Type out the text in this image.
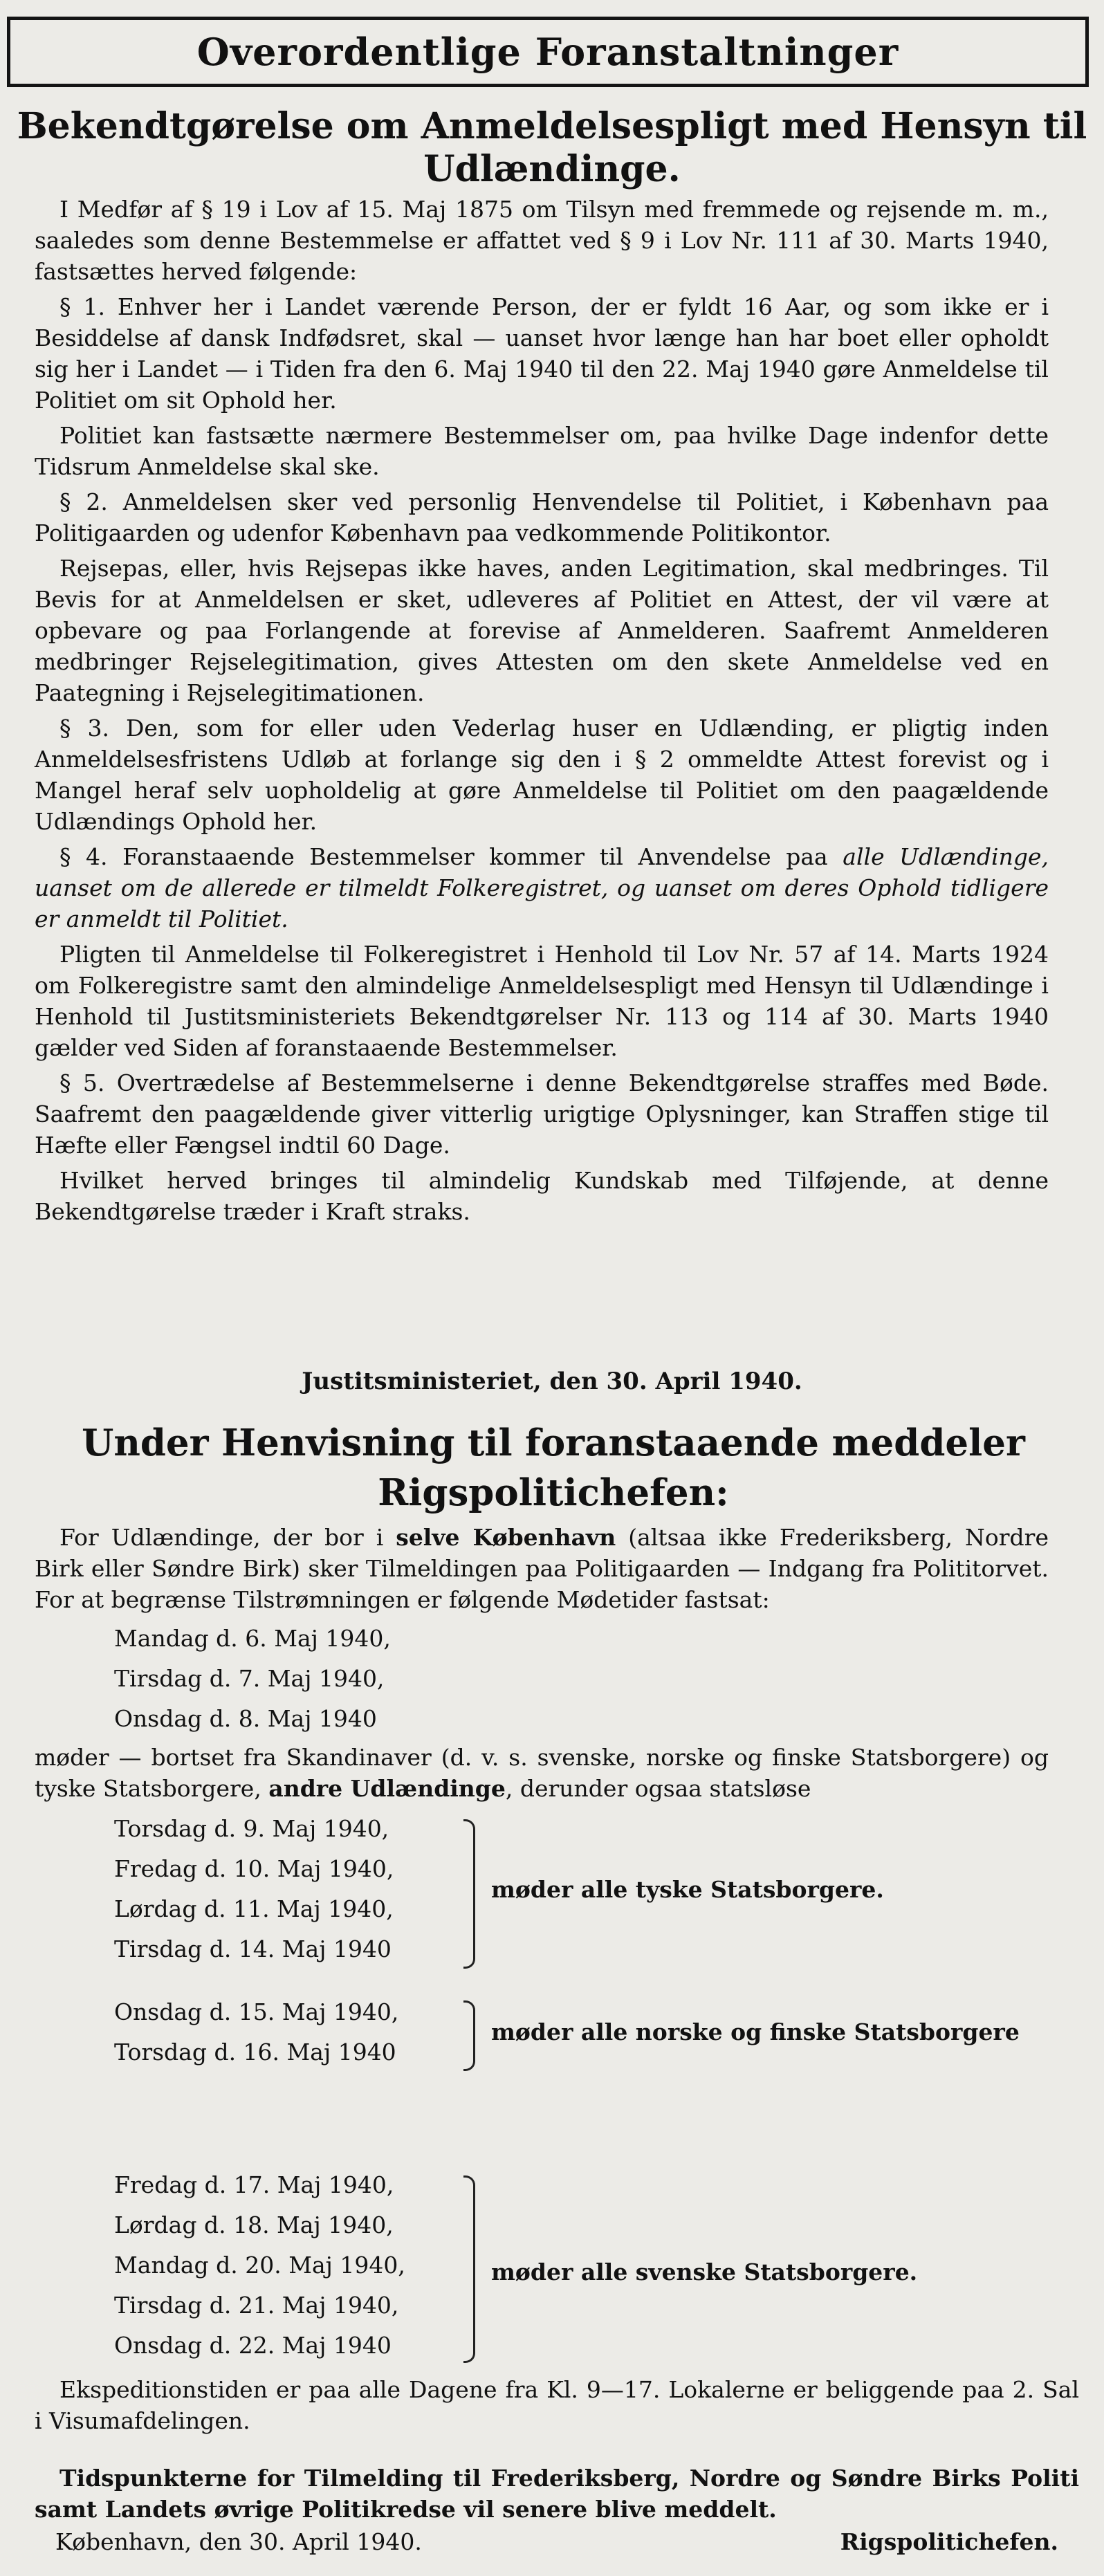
Overordentlige Foranstaltninger
Bekendtgørelse om Anmeldelsespligt med Hensyn til Udlændinge.

I Medfør af § 19 i Lov af 15. Maj 1875 om Tilsyn med fremmede og rejsende m. m., saaledes som denne Bestemmelse er affattet ved § 9 i Lov Nr. 111 af 30. Marts 1940, fastsættes herved følgende:

§ 1. Enhver her i Landet værende Person, der er fyldt 16 Aar, og som ikke er i Besiddelse af dansk Indfødsret, skal — uanset hvor længe han har boet eller opholdt sig her i Landet — i Tiden fra den 6. Maj 1940 til den 22. Maj 1940 gøre Anmeldelse til Politiet om sit Ophold her.

Politiet kan fastsætte nærmere Bestemmelser om, paa hvilke Dage indenfor dette Tidsrum Anmeldelse skal ske.

§ 2. Anmeldelsen sker ved personlig Henvendelse til Politiet, i København paa Politigaarden og udenfor København paa vedkommende Politikontor.

Rejsepas, eller, hvis Rejsepas ikke haves, anden Legitimation, skal medbringes. Til Bevis for at Anmeldelsen er sket, udleveres af Politiet en Attest, der vil være at opbevare og paa Forlangende at forevise af Anmelderen. Saafremt Anmelderen medbringer Rejselegitimation, gives Attesten om den skete Anmeldelse ved en Paategning i Rejselegitimationen.

§ 3. Den, som for eller uden Vederlag huser en Udlænding, er pligtig inden Anmeldelsesfristens Udløb at forlange sig den i § 2 ommeldte Attest forevist og i Mangel heraf selv uopholdelig at gøre Anmeldelse til Politiet om den paagældende Udlændings Ophold her.

§ 4. Foranstaaende Bestemmelser kommer til Anvendelse paa alle Udlændinge, uanset om de allerede er tilmeldt Folkeregistret, og uanset om deres Ophold tidligere er anmeldt til Politiet.

Pligten til Anmeldelse til Folkeregistret i Henhold til Lov Nr. 57 af 14. Marts 1924 om Folkeregistre samt den almindelige Anmeldelsespligt med Hensyn til Udlændinge i Henhold til Justitsministeriets Bekendtgørelser Nr. 113 og 114 af 30. Marts 1940 gælder ved Siden af foranstaaende Bestemmelser.

§ 5. Overtrædelse af Bestemmelserne i denne Bekendtgørelse straffes med Bøde. Saafremt den paagældende giver vitterlig urigtige Oplysninger, kan Straffen stige til Hæfte eller Fængsel indtil 60 Dage.

Hvilket herved bringes til almindelig Kundskab med Tilføjende, at denne Bekendtgørelse træder i Kraft straks.

Justitsministeriet, den 30. April 1940.
Under Henvisning til foranstaaende meddeler Rigspolitichefen:

For Udlændinge, der bor i selve København (altsaa ikke Frederiksberg, Nordre Birk eller Søndre Birk) sker Tilmeldingen paa Politigaarden — Indgang fra Polititorvet. For at begrænse Tilstrømningen er følgende Mødetider fastsat:

Mandag d. 6. Maj 1940,
Tirsdag d. 7. Maj 1940,
Onsdag d. 8. Maj 1940

møder — bortset fra Skandinaver (d. v. s. svenske, norske og finske Statsborgere) og tyske Statsborgere, andre Udlændinge, derunder ogsaa statsløse

Torsdag d. 9. Maj 1940,
Fredag d. 10. Maj 1940,
Lørdag d. 11. Maj 1940,
Tirsdag d. 14. Maj 1940
møder alle tyske Statsborgere.
Onsdag d. 15. Maj 1940,
Torsdag d. 16. Maj 1940
møder alle norske og finske Statsborgere
Fredag d. 17. Maj 1940,
Lørdag d. 18. Maj 1940,
Mandag d. 20. Maj 1940,
Tirsdag d. 21. Maj 1940,
Onsdag d. 22. Maj 1940
møder alle svenske Statsborgere.
Ekspeditionstiden er paa alle Dagene fra Kl. 9—17. Lokalerne er beliggende paa 2. Sal i Visumafdelingen.
Tidspunkterne for Tilmelding til Frederiksberg, Nordre og Søndre Birks Politi samt Landets øvrige Politikredse vil senere blive meddelt.
København, den 30. April 1940.	Rigspolitichefen.
